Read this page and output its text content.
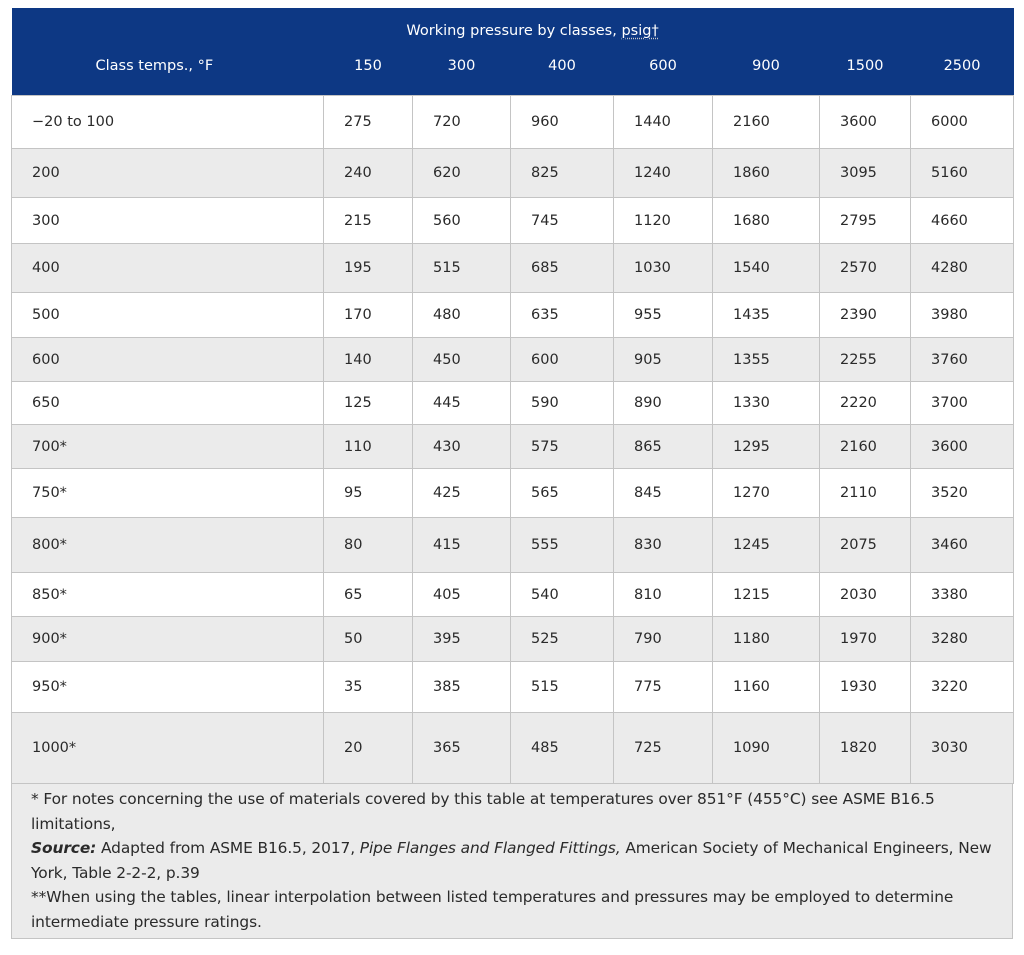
Working pressure by classes, psig†							
Class temps., °F	150	300	400	600	900	1500	2500
−20 to 100	275	720	960	1440	2160	3600	6000
200	240	620	825	1240	1860	3095	5160
300	215	560	745	1120	1680	2795	4660
400	195	515	685	1030	1540	2570	4280
500	170	480	635	955	1435	2390	3980
600	140	450	600	905	1355	2255	3760
650	125	445	590	890	1330	2220	3700
700*	110	430	575	865	1295	2160	3600
750*	95	425	565	845	1270	2110	3520
800*	80	415	555	830	1245	2075	3460
850*	65	405	540	810	1215	2030	3380
900*	50	395	525	790	1180	1970	3280
950*	35	385	515	775	1160	1930	3220
1000*	20	365	485	725	1090	1820	3030

* For notes concerning the use of materials covered by this table at temperatures over 851°F (455°C) see ASME B16.5 limitations,

Source: Adapted from ASME B16.5, 2017, Pipe Flanges and Flanged Fittings, American Society of Mechanical Engineers, New York, Table 2-2-2, p.39

**When using the tables, linear interpolation between listed temperatures and pressures may be employed to determine intermediate pressure ratings.
